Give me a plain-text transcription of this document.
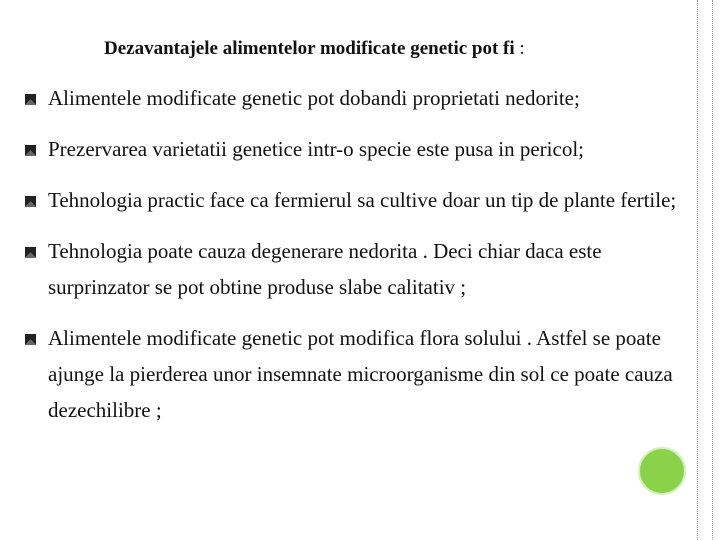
Dezavantajele alimentelor modificate genetic pot fi :
Alimentele modificate genetic pot dobandi proprietati nedorite;
Prezervarea varietatii genetice intr-o specie este pusa in pericol;
Tehnologia practic face ca fermierul sa cultive doar un tip de plante fertile;
Tehnologia poate cauza degenerare nedorita . Deci chiar daca este surprinzator se pot obtine produse slabe calitativ ;
Alimentele modificate genetic pot modifica flora solului . Astfel se poate ajunge la pierderea unor insemnate microorganisme din sol ce poate cauza dezechilibre ;
